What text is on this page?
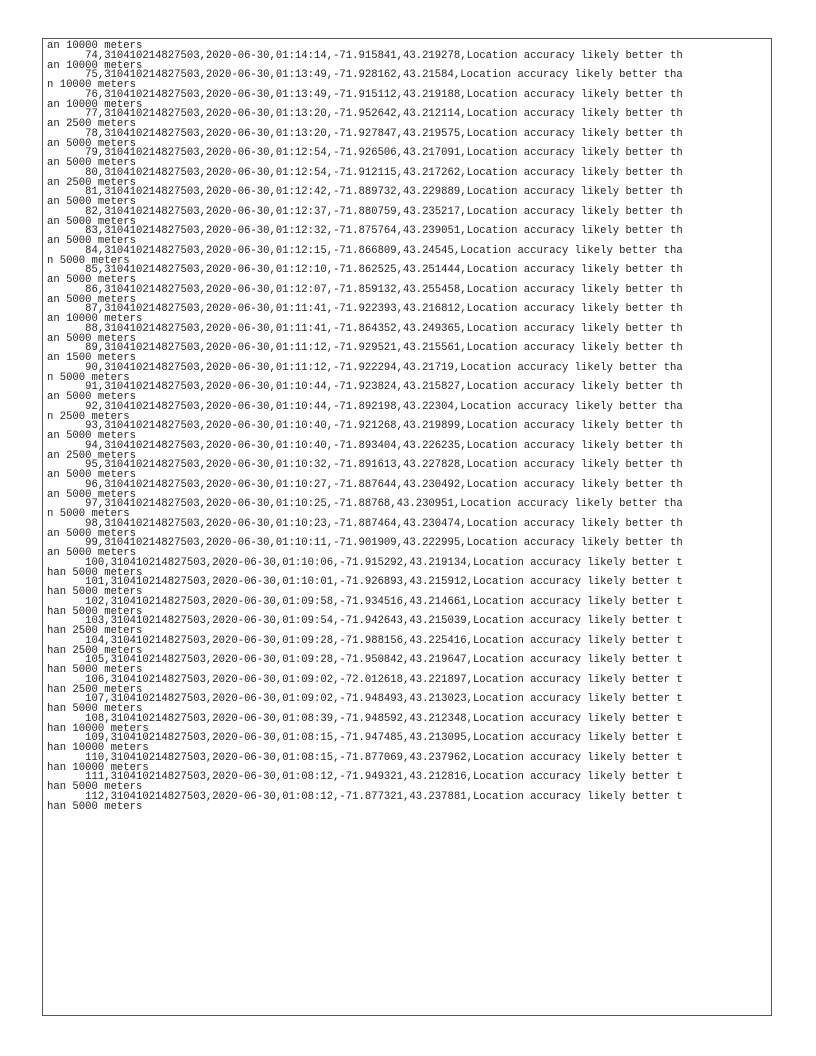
an 10000 meters
74,310410214827503,2020-06-30,01:14:14,-71.915841,43.219278,Location accuracy likely better th
an 10000 meters
75,310410214827503,2020-06-30,01:13:49,-71.928162,43.21584,Location accuracy likely better tha
n 10000 meters
76,310410214827503,2020-06-30,01:13:49,-71.915112,43.219188,Location accuracy likely better th
an 10000 meters
77,310410214827503,2020-06-30,01:13:20,-71.952642,43.212114,Location accuracy likely better th
an 2500 meters
78,310410214827503,2020-06-30,01:13:20,-71.927847,43.219575,Location accuracy likely better th
an 5000 meters
79,310410214827503,2020-06-30,01:12:54,-71.926506,43.217091,Location accuracy likely better th
an 5000 meters
80,310410214827503,2020-06-30,01:12:54,-71.912115,43.217262,Location accuracy likely better th
an 2500 meters
81,310410214827503,2020-06-30,01:12:42,-71.889732,43.229889,Location accuracy likely better th
an 5000 meters
82,310410214827503,2020-06-30,01:12:37,-71.880759,43.235217,Location accuracy likely better th
an 5000 meters
83,310410214827503,2020-06-30,01:12:32,-71.875764,43.239051,Location accuracy likely better th
an 5000 meters
84,310410214827503,2020-06-30,01:12:15,-71.866809,43.24545,Location accuracy likely better tha
n 5000 meters
85,310410214827503,2020-06-30,01:12:10,-71.862525,43.251444,Location accuracy likely better th
an 5000 meters
86,310410214827503,2020-06-30,01:12:07,-71.859132,43.255458,Location accuracy likely better th
an 5000 meters
87,310410214827503,2020-06-30,01:11:41,-71.922393,43.216812,Location accuracy likely better th
an 10000 meters
88,310410214827503,2020-06-30,01:11:41,-71.864352,43.249365,Location accuracy likely better th
an 5000 meters
89,310410214827503,2020-06-30,01:11:12,-71.929521,43.215561,Location accuracy likely better th
an 1500 meters
90,310410214827503,2020-06-30,01:11:12,-71.922294,43.21719,Location accuracy likely better tha
n 5000 meters
91,310410214827503,2020-06-30,01:10:44,-71.923824,43.215827,Location accuracy likely better th
an 5000 meters
92,310410214827503,2020-06-30,01:10:44,-71.892198,43.22304,Location accuracy likely better tha
n 2500 meters
93,310410214827503,2020-06-30,01:10:40,-71.921268,43.219899,Location accuracy likely better th
an 5000 meters
94,310410214827503,2020-06-30,01:10:40,-71.893404,43.226235,Location accuracy likely better th
an 2500 meters
95,310410214827503,2020-06-30,01:10:32,-71.891613,43.227828,Location accuracy likely better th
an 5000 meters
96,310410214827503,2020-06-30,01:10:27,-71.887644,43.230492,Location accuracy likely better th
an 5000 meters
97,310410214827503,2020-06-30,01:10:25,-71.88768,43.230951,Location accuracy likely better tha
n 5000 meters
98,310410214827503,2020-06-30,01:10:23,-71.887464,43.230474,Location accuracy likely better th
an 5000 meters
99,310410214827503,2020-06-30,01:10:11,-71.901909,43.222995,Location accuracy likely better th
an 5000 meters
100,310410214827503,2020-06-30,01:10:06,-71.915292,43.219134,Location accuracy likely better t
han 5000 meters
101,310410214827503,2020-06-30,01:10:01,-71.926893,43.215912,Location accuracy likely better t
han 5000 meters
102,310410214827503,2020-06-30,01:09:58,-71.934516,43.214661,Location accuracy likely better t
han 5000 meters
103,310410214827503,2020-06-30,01:09:54,-71.942643,43.215039,Location accuracy likely better t
han 2500 meters
104,310410214827503,2020-06-30,01:09:28,-71.988156,43.225416,Location accuracy likely better t
han 2500 meters
105,310410214827503,2020-06-30,01:09:28,-71.950842,43.219647,Location accuracy likely better t
han 5000 meters
106,310410214827503,2020-06-30,01:09:02,-72.012618,43.221897,Location accuracy likely better t
han 2500 meters
107,310410214827503,2020-06-30,01:09:02,-71.948493,43.213023,Location accuracy likely better t
han 5000 meters
108,310410214827503,2020-06-30,01:08:39,-71.948592,43.212348,Location accuracy likely better t
han 10000 meters
109,310410214827503,2020-06-30,01:08:15,-71.947485,43.213095,Location accuracy likely better t
han 10000 meters
110,310410214827503,2020-06-30,01:08:15,-71.877069,43.237962,Location accuracy likely better t
han 10000 meters
111,310410214827503,2020-06-30,01:08:12,-71.949321,43.212816,Location accuracy likely better t
han 5000 meters
112,310410214827503,2020-06-30,01:08:12,-71.877321,43.237881,Location accuracy likely better t
han 5000 meters
